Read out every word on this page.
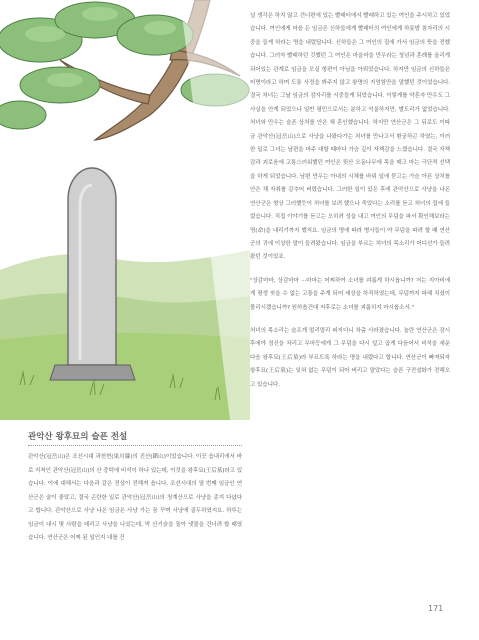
관악산 왕후묘의 슬픈 전설

관악산(冠岳山)은 조선시대 과천현(果川縣)의 진산(鎭山)이었습니다. 이곳 읍내리에서 바로 지척인 관악산(冠岳山)의 산 중턱에 비석이 하나 있는데, 이것을 왕후묘(王后墓)라고 있습니다. 이에 대해서는 다음과 같은 전설이 전해져 옵니다. 조선시대의 열 번째 임금인 연산군은 술이 좋았고, 결국 곤란한 일로 관악산(冠岳山)의 청계산으로 사냥을 종지 다녔다고 합니다. 관악산으로 사냥 나온 임금은 사냥 가는 꿈 꾸며 사냥에 골두하였지요. 하루는 임금이 내시 몇 사람을 데리고 사냥을 나섰는데, 막 산기슭을 돌아 냇물을 건너려 할 때였습니다. 연산군은 어찌 된 일인지 내를 건

널 생각은 하지 않고 건너편에 있는 빨래터에서 빨래하고 있는 여인을 주시하고 있었습니다. 여인에게 마음 든 임금은 신하들에게 빨래터의 여인에게 하룻밤 침자리의 시중을 들게 하라는 명을 내렸답니다. 신하들은 그 여인의 집에 가서 임금의 뜻을 전했습니다. 그러자 빨래하던 깃했던 그 여인은 마을마을 만우라는 청년과 혼례를 올리게 되어있는 관계로 임금을 모실 형편이 아님을 아뢰었습니다. 하지만 임금의 신하들은 어명이라고 하며 도통 사정을 봐주지 않고 왕명의 지엄함만을 말했던 것이었습니다. 결국 처녀는 그날 임금의 잠자리를 시중들게 되었습니다. 이렇게를 약혼자 만우도 그 사실을 안게 되었으나 일반 평민으로서는 분하고 억울하지만, 별도리가 없었습니다. 처녀와 만우는 슬픈 상처를 안은 채 혼인했습니다. 하지만 연산군은 그 뒤로도 이따금 관악산(冠岳山)으로 사냥을 나왔다가는 처녀를 만나고서 환궁하곤 하였는, 이러한 일로 그녀는 남편을 마주 대할 때마다 가슴 깊이 자책감을 느꼈습니다. 결국 자책감과 괴로움에 고통스러워했던 여인은 뒷산 오동나무에 목을 매고 마는 극단적 선택을 하게 되었습니다. 남편 만우는 아내의 시체를 바위 일에 묻고는 가슴 아픈 상처를 안은 채 자취를 감추어 버렸습니다. 그러한 일이 있은 후에 관악산으로 사냥을 나온 연산군은 형상 그러했듯이 처녀를 보려 했으나 죽었다는 소리를 듣고 처녀의 집에 들렀습니다. 직접 이야기를 듣고는 오히려 성을 내고 여인의 무덤을 파서 확인해보라는 명(命)을 내리기까지 했지요. 임금의 명에 따라 병사들이 약 무덤을 파려 할 때 연산군의 귀에 이상한 말이 들려왔습니다. 임금을 부르는 처녀의 목소리가 어디선가 들려왔던 것이었죠.

"상감마마, 상감마마 ···마마는 어찌하여 소녀를 괴롭게 하시옵니까? 저는 지아비에게 평생 씻을 수 없는 고통을 주게 되어 세상을 하직하였는데, 무덤까지 파헤 치셨이 몰리시겠습니까? 원하옵건대 저후로는 소녀를 괴롭히지 마시옵소서."

처녀의 목소리는 슬프게 멀리멀리 퍼지더니 차츰 사라졌습니다. 놀란 연산군은 잠시 후에야 정신을 차리고 무마등에게 그 무덤을 다시 덮고 곱게 다듬어서 비석을 세운 다음 왕후묘(王后墓)라 부르도록 하라는 명을 내렸다고 합니다. 연산군이 빠져되자 왕후묘(王后墓)는 잊혀 없는 무덤이 되어 버리고 말았다는 슬픈 구전설화가 전해오고 있습니다.

171
